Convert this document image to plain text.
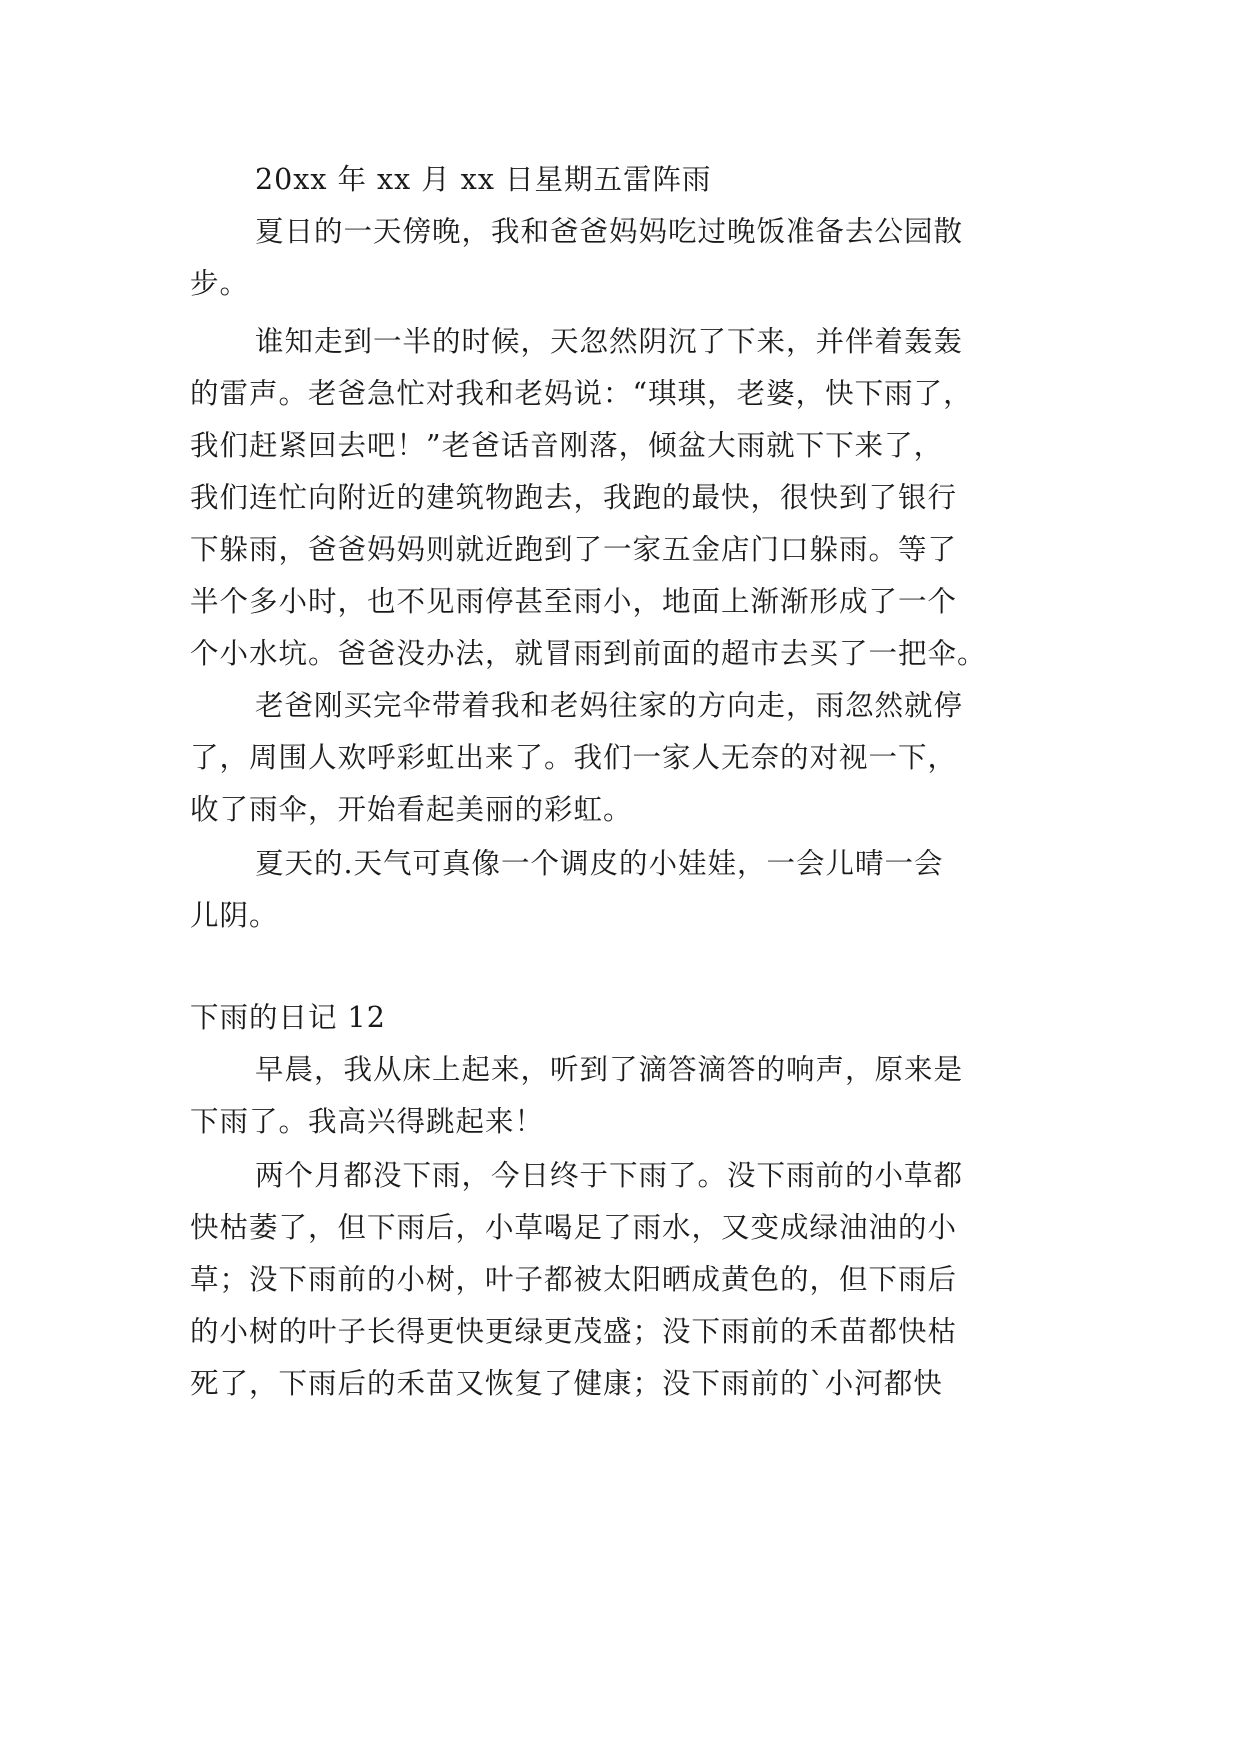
20xx 年 xx 月 xx 日星期五雷阵雨
夏日的一天傍晚，我和爸爸妈妈吃过晚饭准备去公园散
步。
谁知走到一半的时候，天忽然阴沉了下来，并伴着轰轰
的雷声。老爸急忙对我和老妈说：“琪琪，老婆，快下雨了，
我们赶紧回去吧！”老爸话音刚落，倾盆大雨就下下来了，
我们连忙向附近的建筑物跑去，我跑的最快，很快到了银行
下躲雨，爸爸妈妈则就近跑到了一家五金店门口躲雨。等了
半个多小时，也不见雨停甚至雨小，地面上渐渐形成了一个
个小水坑。爸爸没办法，就冒雨到前面的超市去买了一把伞。
老爸刚买完伞带着我和老妈往家的方向走，雨忽然就停
了，周围人欢呼彩虹出来了。我们一家人无奈的对视一下，
收了雨伞，开始看起美丽的彩虹。
夏天的.天气可真像一个调皮的小娃娃，一会儿晴一会
儿阴。
下雨的日记 12
早晨，我从床上起来，听到了滴答滴答的响声，原来是
下雨了。我高兴得跳起来！
两个月都没下雨，今日终于下雨了。没下雨前的小草都
快枯萎了，但下雨后，小草喝足了雨水，又变成绿油油的小
草；没下雨前的小树，叶子都被太阳晒成黄色的，但下雨后
的小树的叶子长得更快更绿更茂盛；没下雨前的禾苗都快枯
死了，下雨后的禾苗又恢复了健康；没下雨前的`小河都快
